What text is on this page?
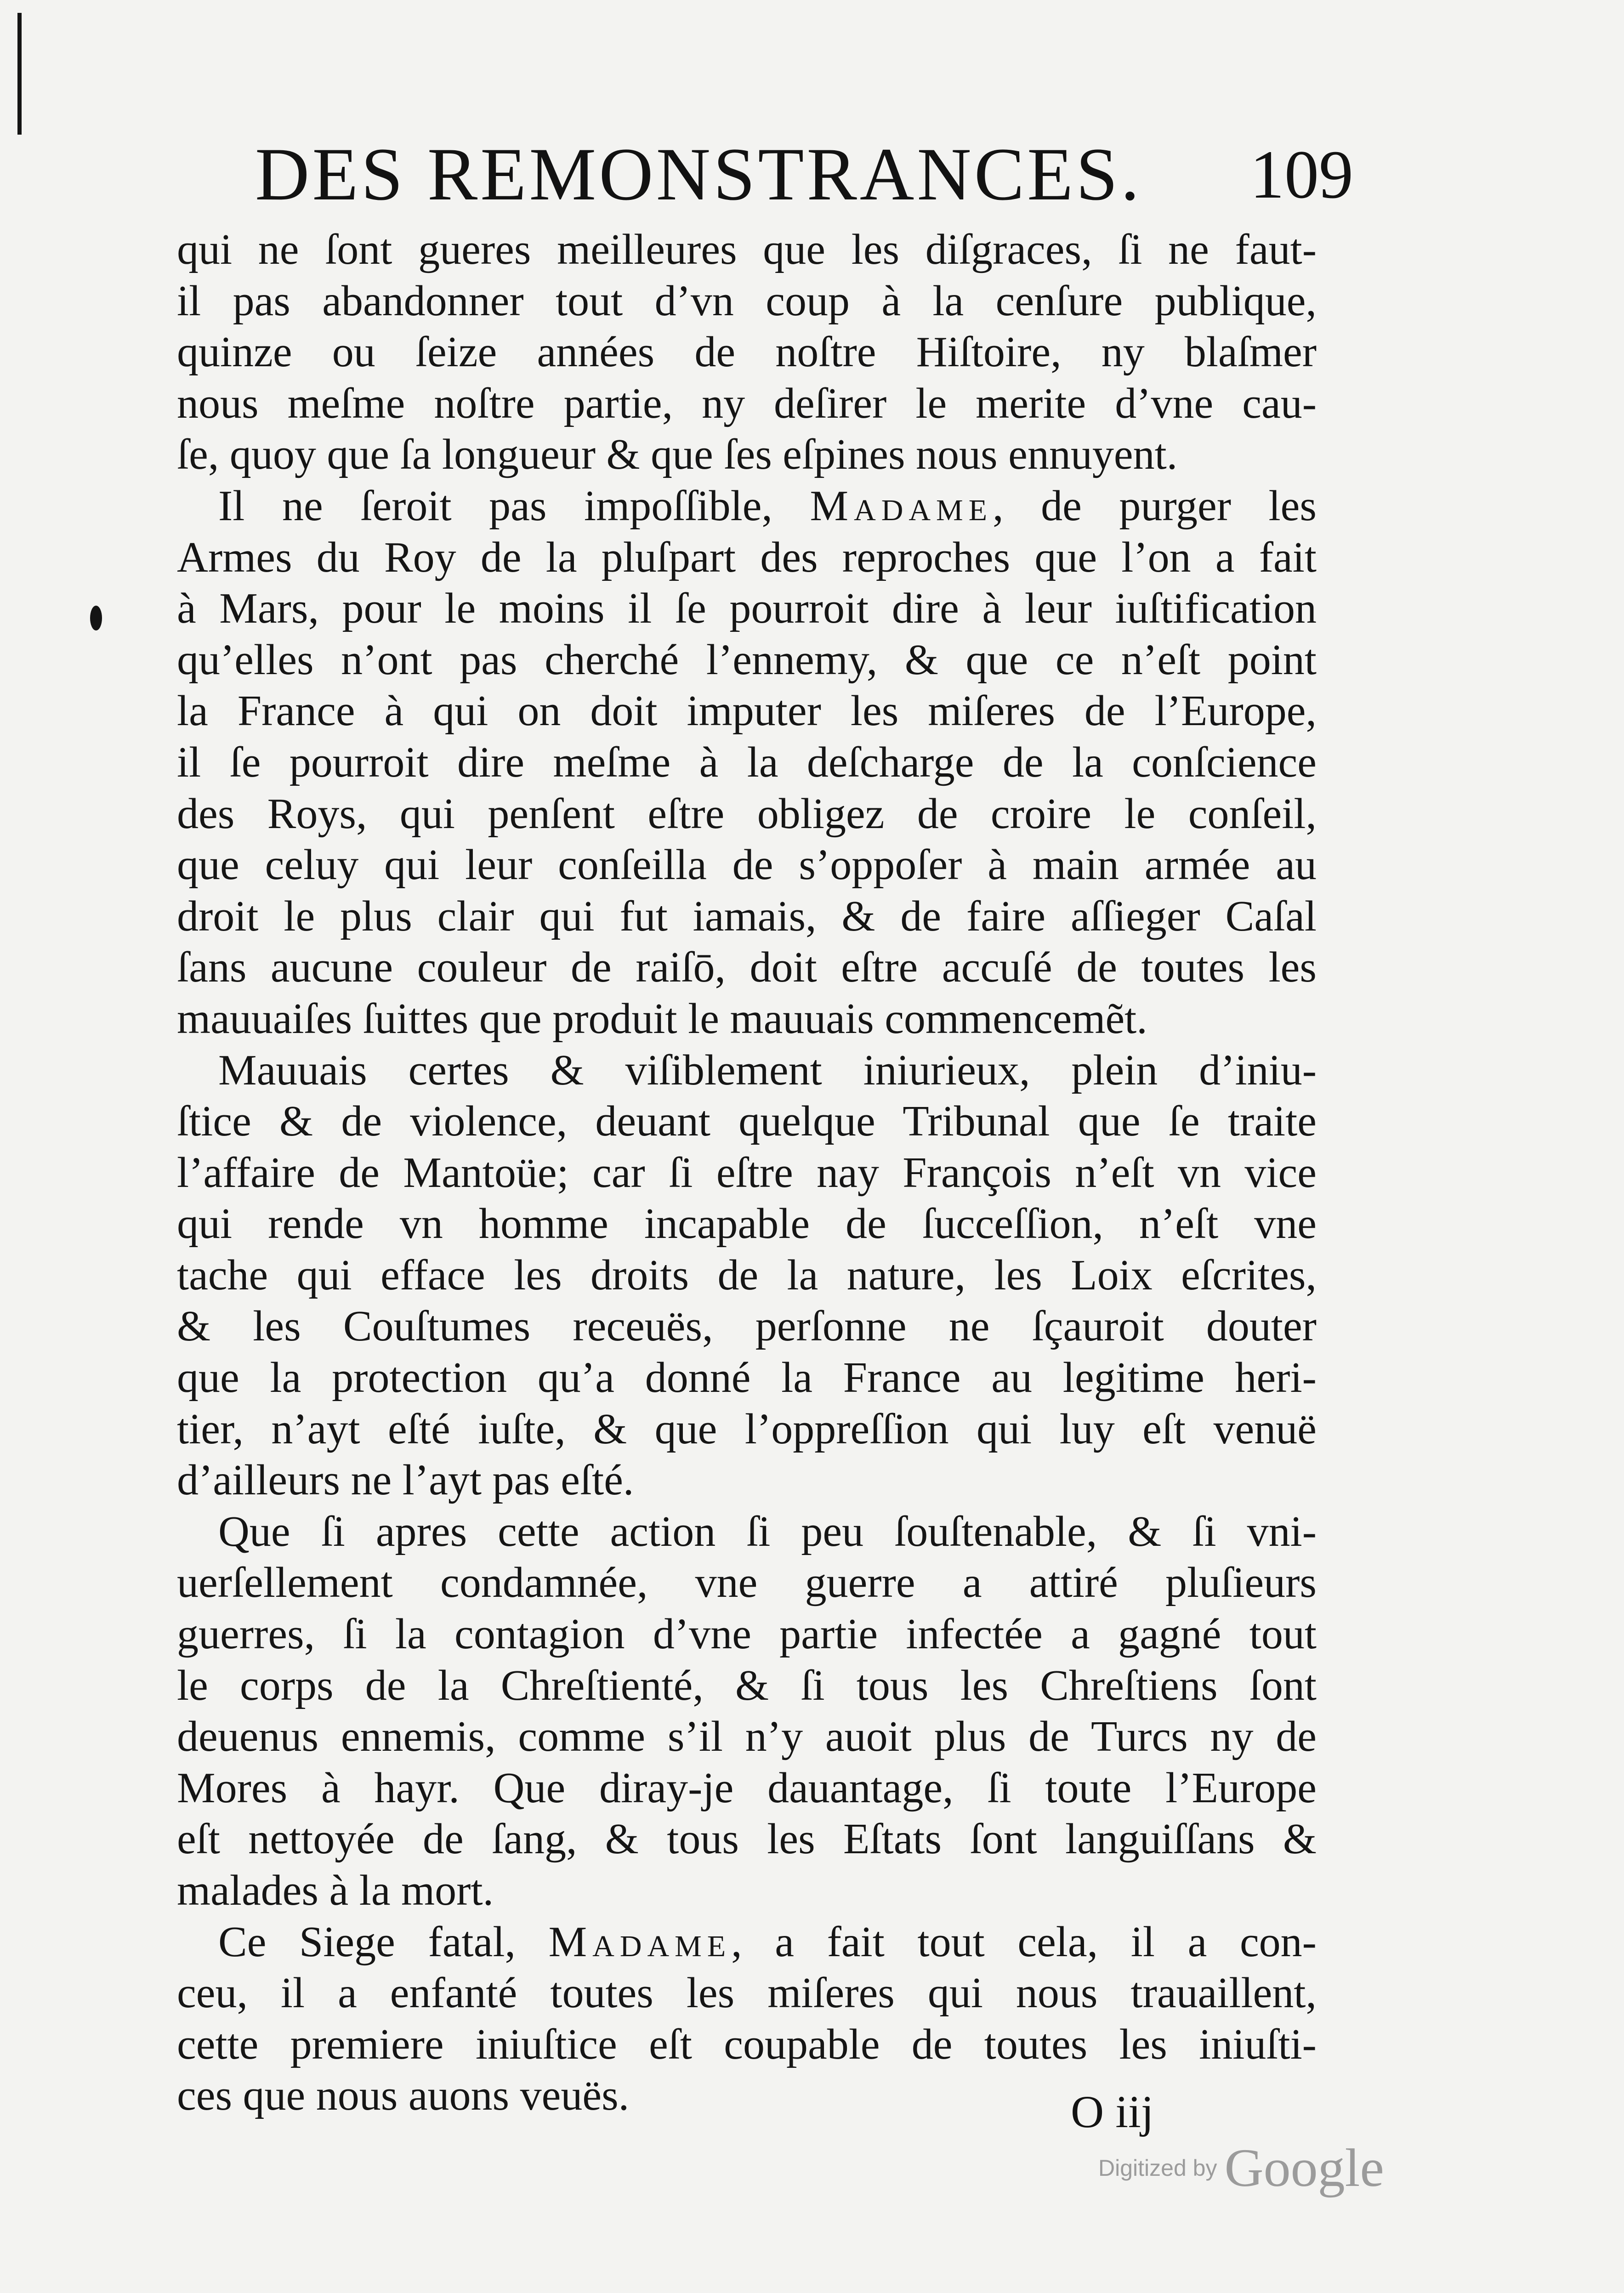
DES REMONSTRANCES. 109
qui ne ſont gueres meilleures que les diſgraces, ſi ne faut-
il pas abandonner tout d’vn coup à la cenſure publique,
quinze ou ſeize années de noſtre Hiſtoire, ny blaſmer
nous meſme noſtre partie, ny deſirer le merite d’vne cau-
ſe, quoy que ſa longueur & que ſes eſpines nous ennuyent.
Il ne ſeroit pas impoſſible, Madame, de purger les
Armes du Roy de la pluſpart des reproches que l’on a fait
à Mars, pour le moins il ſe pourroit dire à leur iuſtification
qu’elles n’ont pas cherché l’ennemy, & que ce n’eſt point
la France à qui on doit imputer les miſeres de l’Europe,
il ſe pourroit dire meſme à la deſcharge de la conſcience
des Roys, qui penſent eſtre obligez de croire le conſeil,
que celuy qui leur conſeilla de s’oppoſer à main armée au
droit le plus clair qui fut iamais, & de faire aſſieger Caſal
ſans aucune couleur de raiſō, doit eſtre accuſé de toutes les
mauuaiſes ſuittes que produit le mauuais commencemẽt.
Mauuais certes & viſiblement iniurieux, plein d’iniu-
ſtice & de violence, deuant quelque Tribunal que ſe traite
l’affaire de Mantoüe; car ſi eſtre nay François n’eſt vn vice
qui rende vn homme incapable de ſucceſſion, n’eſt vne
tache qui efface les droits de la nature, les Loix eſcrites,
& les Couſtumes receuës, perſonne ne ſçauroit douter
que la protection qu’a donné la France au legitime heri-
tier, n’ayt eſté iuſte, & que l’oppreſſion qui luy eſt venuë
d’ailleurs ne l’ayt pas eſté.
Que ſi apres cette action ſi peu ſouſtenable, & ſi vni-
uerſellement condamnée, vne guerre a attiré pluſieurs
guerres, ſi la contagion d’vne partie infectée a gagné tout
le corps de la Chreſtienté, & ſi tous les Chreſtiens ſont
deuenus ennemis, comme s’il n’y auoit plus de Turcs ny de
Mores à hayr. Que diray-je dauantage, ſi toute l’Europe
eſt nettoyée de ſang, & tous les Eſtats ſont languiſſans &
malades à la mort.
Ce Siege fatal, Madame, a fait tout cela, il a con-
ceu, il a enfanté toutes les miſeres qui nous trauaillent,
cette premiere iniuſtice eſt coupable de toutes les iniuſti-
ces que nous auons veuës.	O iij
Digitized by Google
